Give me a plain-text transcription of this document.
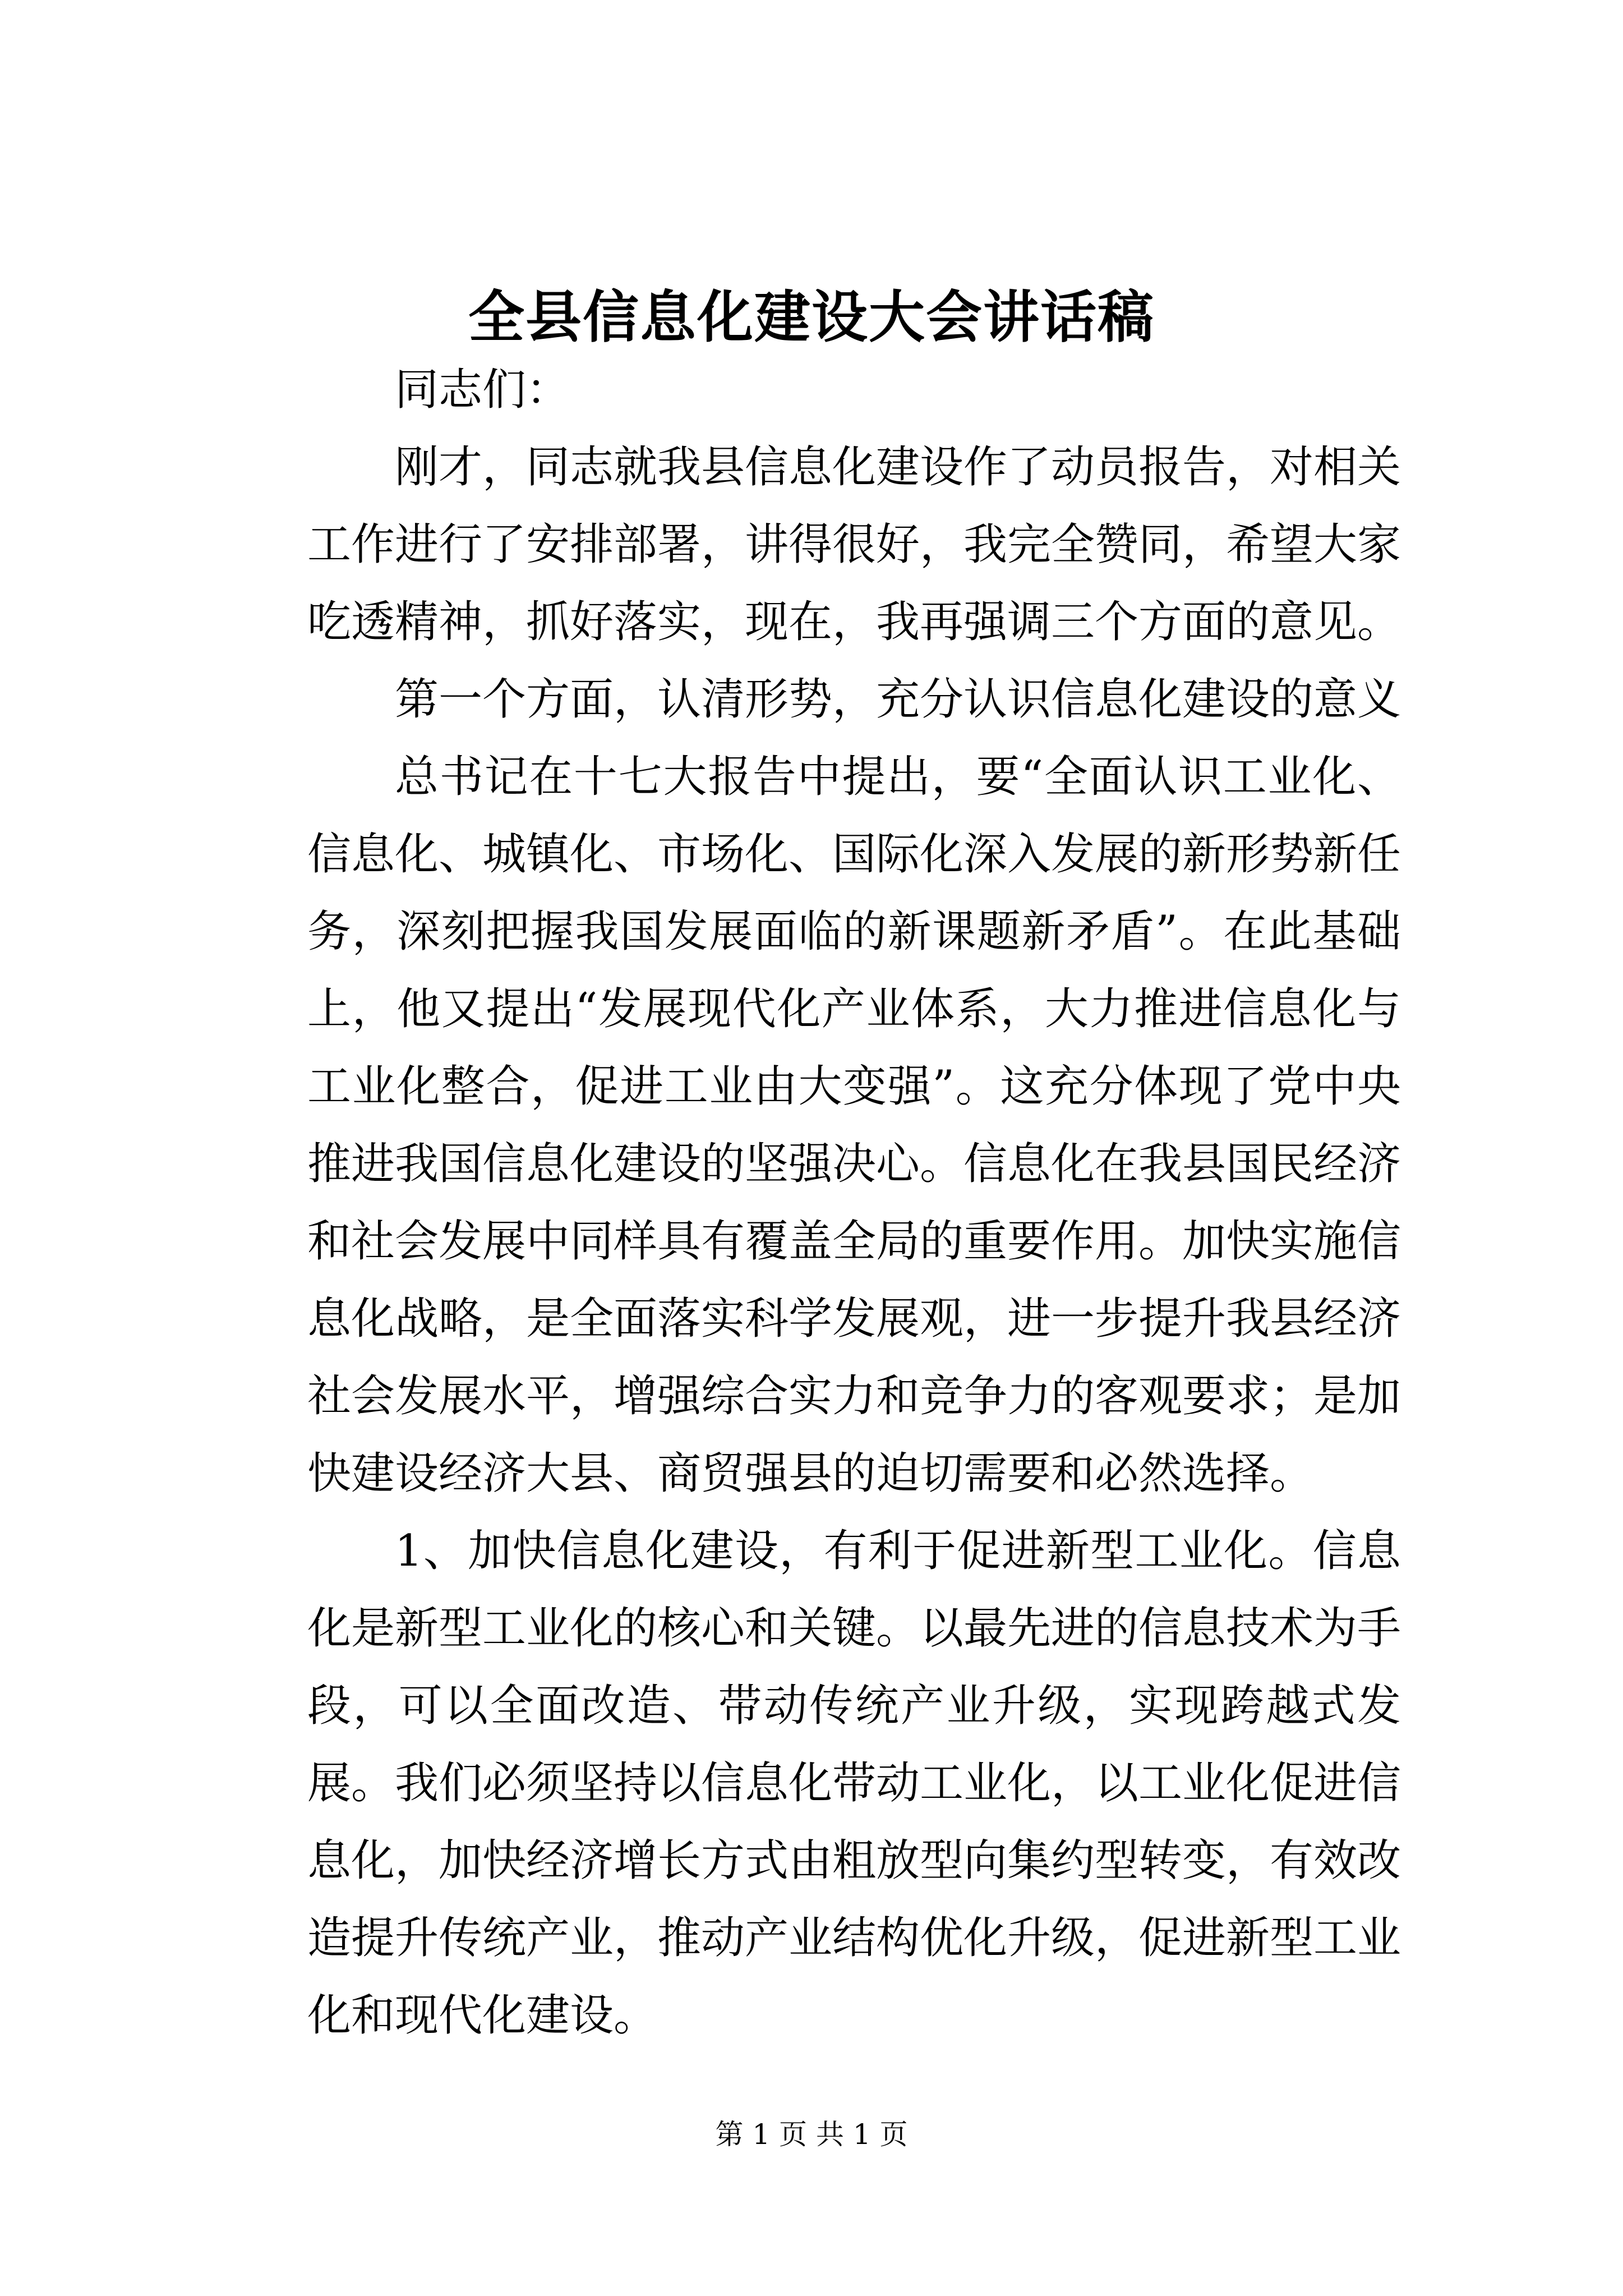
全县信息化建设大会讲话稿

同志们：

刚才，同志就我县信息化建设作了动员报告，对相关工作进行了安排部署，讲得很好，我完全赞同，希望大家吃透精神，抓好落实，现在，我再强调三个方面的意见。

第一个方面，认清形势，充分认识信息化建设的意义

总书记在十七大报告中提出，要“全面认识工业化、信息化、城镇化、市场化、国际化深入发展的新形势新任务，深刻把握我国发展面临的新课题新矛盾”。在此基础上，他又提出“发展现代化产业体系，大力推进信息化与工业化整合，促进工业由大变强”。这充分体现了党中央推进我国信息化建设的坚强决心。信息化在我县国民经济和社会发展中同样具有覆盖全局的重要作用。加快实施信息化战略，是全面落实科学发展观，进一步提升我县经济社会发展水平，增强综合实力和竞争力的客观要求；是加快建设经济大县、商贸强县的迫切需要和必然选择。

1、加快信息化建设，有利于促进新型工业化。信息化是新型工业化的核心和关键。以最先进的信息技术为手段，可以全面改造、带动传统产业升级，实现跨越式发展。我们必须坚持以信息化带动工业化，以工业化促进信息化，加快经济增长方式由粗放型向集约型转变，有效改造提升传统产业，推动产业结构优化升级，促进新型工业化和现代化建设。

第 1 页 共 1 页
